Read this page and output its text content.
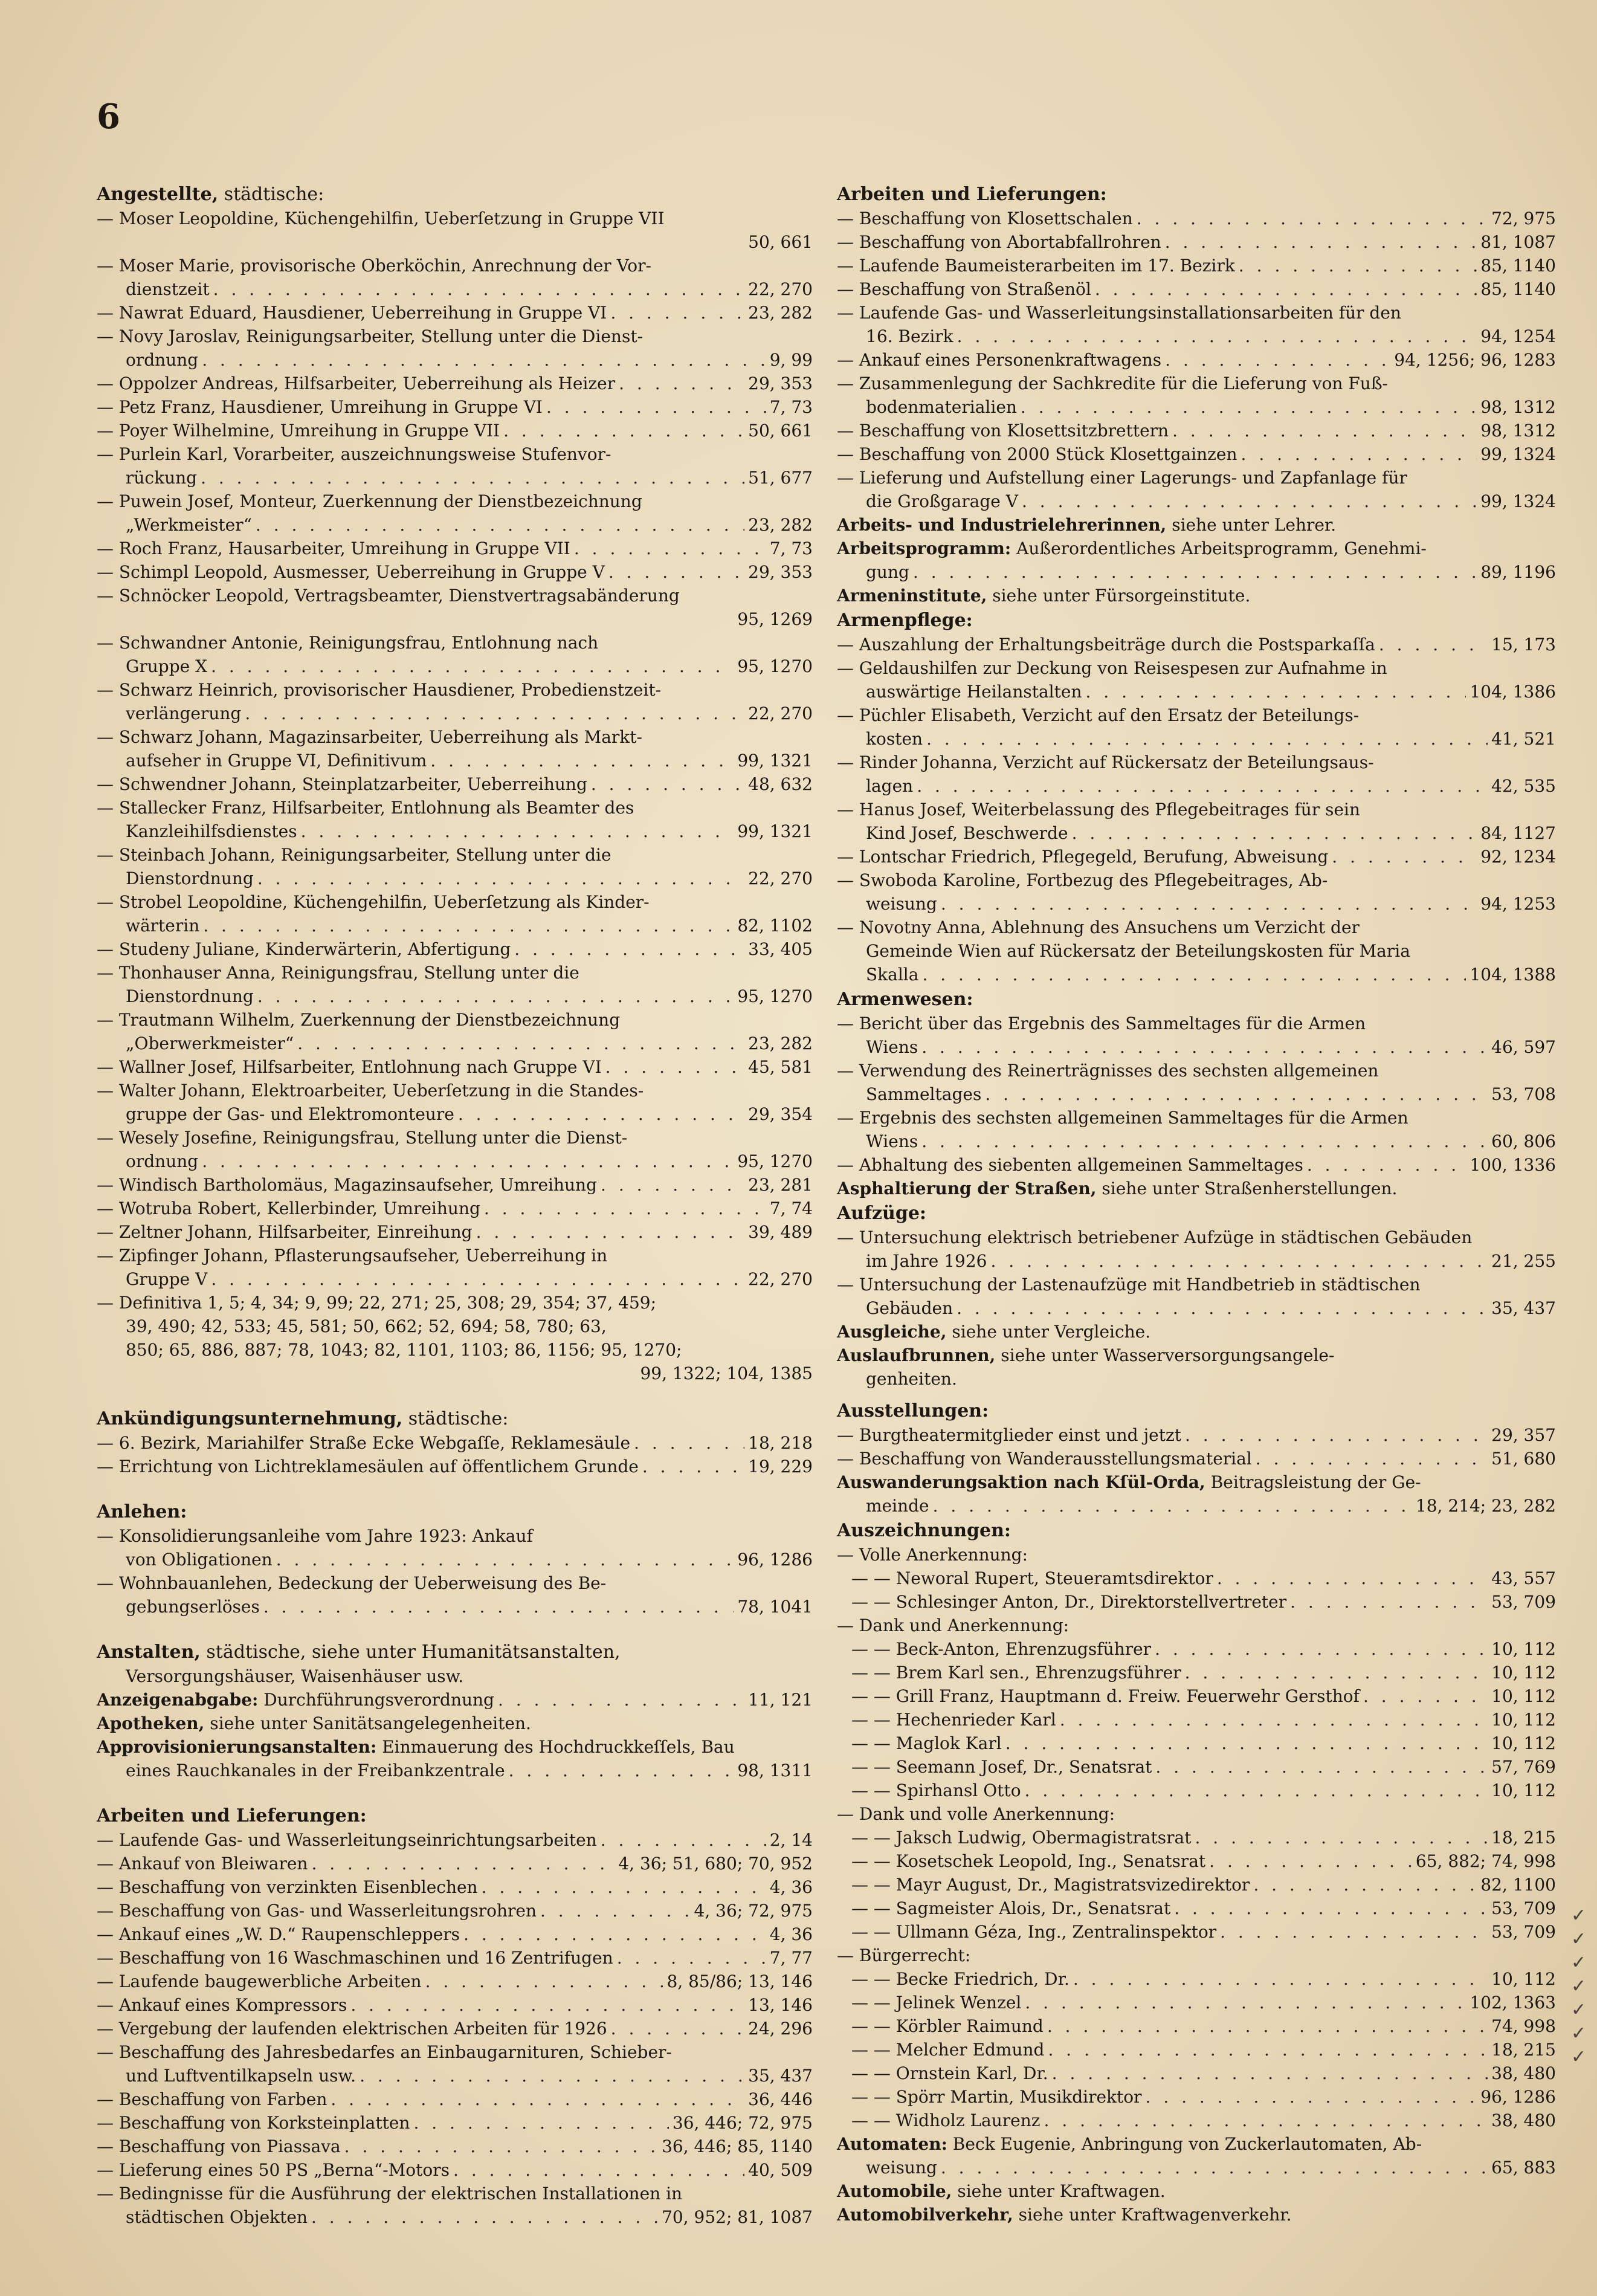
6
Angestellte, städtische:
— Moser Leopoldine, Küchengehilfin, Ueberſetzung in Gruppe VII
50, 661
— Moser Marie, provisorische Oberköchin, Anrechnung der Vor-
dienstzeit . . .	22, 270
— Nawrat Eduard, Hausdiener, Ueberreihung in Gruppe VI . . .	23, 282
— Novy Jaroslav, Reinigungsarbeiter, Stellung unter die Dienst-
ordnung . . .	9, 99
— Oppolzer Andreas, Hilfsarbeiter, Ueberreihung als Heizer . . .	29, 353
— Petz Franz, Hausdiener, Umreihung in Gruppe VI . . .	7, 73
— Poyer Wilhelmine, Umreihung in Gruppe VII . . .	50, 661
— Purlein Karl, Vorarbeiter, auszeichnungsweise Stufenvor-
rückung . . .	51, 677
— Puwein Josef, Monteur, Zuerkennung der Dienstbezeichnung
„Werkmeister“ . . .	23, 282
— Roch Franz, Hausarbeiter, Umreihung in Gruppe VII . . .	7, 73
— Schimpl Leopold, Ausmesser, Ueberreihung in Gruppe V . . .	29, 353
— Schnöcker Leopold, Vertragsbeamter, Dienstvertragsabänderung
95, 1269
— Schwandner Antonie, Reinigungsfrau, Entlohnung nach
Gruppe X . . .	95, 1270
— Schwarz Heinrich, provisorischer Hausdiener, Probedienstzeit-
verlängerung . . .	22, 270
— Schwarz Johann, Magazinsarbeiter, Ueberreihung als Markt-
aufseher in Gruppe VI, Definitivum . . .	99, 1321
— Schwendner Johann, Steinplatzarbeiter, Ueberreihung . . .	48, 632
— Stallecker Franz, Hilfsarbeiter, Entlohnung als Beamter des
Kanzleihilfsdienstes . . .	99, 1321
— Steinbach Johann, Reinigungsarbeiter, Stellung unter die
Dienstordnung . . .	22, 270
— Strobel Leopoldine, Küchengehilfin, Ueberſetzung als Kinder-
wärterin . . .	82, 1102
— Studeny Juliane, Kinderwärterin, Abfertigung . . .	33, 405
— Thonhauser Anna, Reinigungsfrau, Stellung unter die
Dienstordnung . . .	95, 1270
— Trautmann Wilhelm, Zuerkennung der Dienstbezeichnung
„Oberwerkmeister“ . . .	23, 282
— Wallner Josef, Hilfsarbeiter, Entlohnung nach Gruppe VI . . .	45, 581
— Walter Johann, Elektroarbeiter, Ueberſetzung in die Standes-
gruppe der Gas- und Elektromonteure . . .	29, 354
— Wesely Josefine, Reinigungsfrau, Stellung unter die Dienst-
ordnung . . .	95, 1270
— Windisch Bartholomäus, Magazinsaufseher, Umreihung . . .	23, 281
— Wotruba Robert, Kellerbinder, Umreihung . . .	7, 74
— Zeltner Johann, Hilfsarbeiter, Einreihung . . .	39, 489
— Zipfinger Johann, Pflasterungsaufseher, Ueberreihung in
Gruppe V . . .	22, 270
— Definitiva 1, 5; 4, 34; 9, 99; 22, 271; 25, 308; 29, 354; 37, 459;
39, 490; 42, 533; 45, 581; 50, 662; 52, 694; 58, 780; 63,
850; 65, 886, 887; 78, 1043; 82, 1101, 1103; 86, 1156; 95, 1270;
99, 1322; 104, 1385
Ankündigungsunternehmung, städtische:
— 6. Bezirk, Mariahilfer Straße Ecke Webgaſſe, Reklamesäule . . .	18, 218
— Errichtung von Lichtreklamesäulen auf öffentlichem Grunde . . .	19, 229
Anlehen:
— Konsolidierungsanleihe vom Jahre 1923: Ankauf
von Obligationen . . .	96, 1286
— Wohnbauanlehen, Bedeckung der Ueberweisung des Be-
gebungserlöses . . .	78, 1041
Anstalten, städtische, siehe unter Humanitätsanstalten,
Versorgungshäuser, Waisenhäuser usw.
Anzeigenabgabe: Durchführungsverordnung . . .	11, 121
Apotheken, siehe unter Sanitätsangelegenheiten.
Approvisionierungsanstalten: Einmauerung des Hochdruckkeſſels, Bau
eines Rauchkanales in der Freibankzentrale . . .	98, 1311
Arbeiten und Lieferungen:
— Laufende Gas- und Wasserleitungseinrichtungsarbeiten . . .	2, 14
— Ankauf von Bleiwaren . . .	4, 36; 51, 680; 70, 952
— Beschaffung von verzinkten Eisenblechen . . .	4, 36
— Beschaffung von Gas- und Wasserleitungsrohren . . .	4, 36; 72, 975
— Ankauf eines „W. D.“ Raupenschleppers . . .	4, 36
— Beschaffung von 16 Waschmaschinen und 16 Zentrifugen . . .	7, 77
— Laufende baugewerbliche Arbeiten . . .	8, 85/86; 13, 146
— Ankauf eines Kompressors . . .	13, 146
— Vergebung der laufenden elektrischen Arbeiten für 1926 . . .	24, 296
— Beschaffung des Jahresbedarfes an Einbaugarnituren, Schieber-
und Luftventilkapseln usw. . . .	35, 437
— Beschaffung von Farben . . .	36, 446
— Beschaffung von Korksteinplatten . . .	36, 446; 72, 975
— Beschaffung von Piassava . . .	36, 446; 85, 1140
— Lieferung eines 50 PS „Berna“-Motors . . .	40, 509
— Bedingnisse für die Ausführung der elektrischen Installationen in
städtischen Objekten . . .	70, 952; 81, 1087
Arbeiten und Lieferungen:
— Beschaffung von Klosettschalen . . .	72, 975
— Beschaffung von Abortabfallrohren . . .	81, 1087
— Laufende Baumeisterarbeiten im 17. Bezirk . . .	85, 1140
— Beschaffung von Straßenöl . . .	85, 1140
— Laufende Gas- und Wasserleitungsinstallationsarbeiten für den
16. Bezirk . . .	94, 1254
— Ankauf eines Personenkraftwagens . . .	94, 1256; 96, 1283
— Zusammenlegung der Sachkredite für die Lieferung von Fuß-
bodenmaterialien . . .	98, 1312
— Beschaffung von Klosettsitzbrettern . . .	98, 1312
— Beschaffung von 2000 Stück Klosettgainzen . . .	99, 1324
— Lieferung und Aufstellung einer Lagerungs- und Zapfanlage für
die Großgarage V . . .	99, 1324
Arbeits- und Industrielehrerinnen, siehe unter Lehrer.
Arbeitsprogramm: Außerordentliches Arbeitsprogramm, Genehmi-
gung . . .	89, 1196
Armeninstitute, siehe unter Fürsorgeinstitute.
Armenpflege:
— Auszahlung der Erhaltungsbeiträge durch die Postsparkaſſa . . .	15, 173
— Geldaushilfen zur Deckung von Reisespesen zur Aufnahme in
auswärtige Heilanstalten . . .	104, 1386
— Püchler Elisabeth, Verzicht auf den Ersatz der Beteilungs-
kosten . . .	41, 521
— Rinder Johanna, Verzicht auf Rückersatz der Beteilungsaus-
lagen . . .	42, 535
— Hanus Josef, Weiterbelassung des Pflegebeitrages für sein
Kind Josef, Beschwerde . . .	84, 1127
— Lontschar Friedrich, Pflegegeld, Berufung, Abweisung . . .	92, 1234
— Swoboda Karoline, Fortbezug des Pflegebeitrages, Ab-
weisung . . .	94, 1253
— Novotny Anna, Ablehnung des Ansuchens um Verzicht der
Gemeinde Wien auf Rückersatz der Beteilungskosten für Maria
Skalla . . .	104, 1388
Armenwesen:
— Bericht über das Ergebnis des Sammeltages für die Armen
Wiens . . .	46, 597
— Verwendung des Reinerträgnisses des sechsten allgemeinen
Sammeltages . . .	53, 708
— Ergebnis des sechsten allgemeinen Sammeltages für die Armen
Wiens . . .	60, 806
— Abhaltung des siebenten allgemeinen Sammeltages . . .	100, 1336
Asphaltierung der Straßen, siehe unter Straßenherstellungen.
Aufzüge:
— Untersuchung elektrisch betriebener Aufzüge in städtischen Gebäuden
im Jahre 1926 . . .	21, 255
— Untersuchung der Lastenaufzüge mit Handbetrieb in städtischen
Gebäuden . . .	35, 437
Ausgleiche, siehe unter Vergleiche.
Auslaufbrunnen, siehe unter Wasserversorgungsangele-
genheiten.
Ausstellungen:
— Burgtheatermitglieder einst und jetzt . . .	29, 357
— Beschaffung von Wanderausstellungsmaterial . . .	51, 680
Auswanderungsaktion nach Kſül-Orda, Beitragsleistung der Ge-
meinde . . .	18, 214; 23, 282
Auszeichnungen:
— Volle Anerkennung:
— — Neworal Rupert, Steueramtsdirektor . . .	43, 557
— — Schlesinger Anton, Dr., Direktorstellvertreter . . .	53, 709
— Dank und Anerkennung:
— — Beck-Anton, Ehrenzugsführer . . .	10, 112
— — Brem Karl sen., Ehrenzugsführer . . .	10, 112
— — Grill Franz, Hauptmann d. Freiw. Feuerwehr Gersthof . . .	10, 112
— — Hechenrieder Karl . . .	10, 112
— — Maglok Karl . . .	10, 112
— — Seemann Josef, Dr., Senatsrat . . .	57, 769
— — Spirhansl Otto . . .	10, 112
— Dank und volle Anerkennung:
— — Jaksch Ludwig, Obermagistratsrat . . .	18, 215
— — Kosetschek Leopold, Ing., Senatsrat . . .	65, 882; 74, 998
— — Mayr August, Dr., Magistratsvizedirektor . . .	82, 1100
— — Sagmeister Alois, Dr., Senatsrat . . .	53, 709
— — Ullmann Géza, Ing., Zentralinspektor . . .	53, 709
— Bürgerrecht:
— — Becke Friedrich, Dr. . . .	10, 112
— — Jelinek Wenzel . . .	102, 1363
— — Körbler Raimund . . .	74, 998
— — Melcher Edmund . . .	18, 215
— — Ornstein Karl, Dr. . . .	38, 480
— — Spörr Martin, Musikdirektor . . .	96, 1286
— — Widholz Laurenz . . .	38, 480
Automaten: Beck Eugenie, Anbringung von Zuckerlautomaten, Ab-
weisung . . .	65, 883
Automobile, siehe unter Kraftwagen.
Automobilverkehr, siehe unter Kraftwagenverkehr.
✓
✓
✓
✓
✓
✓
✓
